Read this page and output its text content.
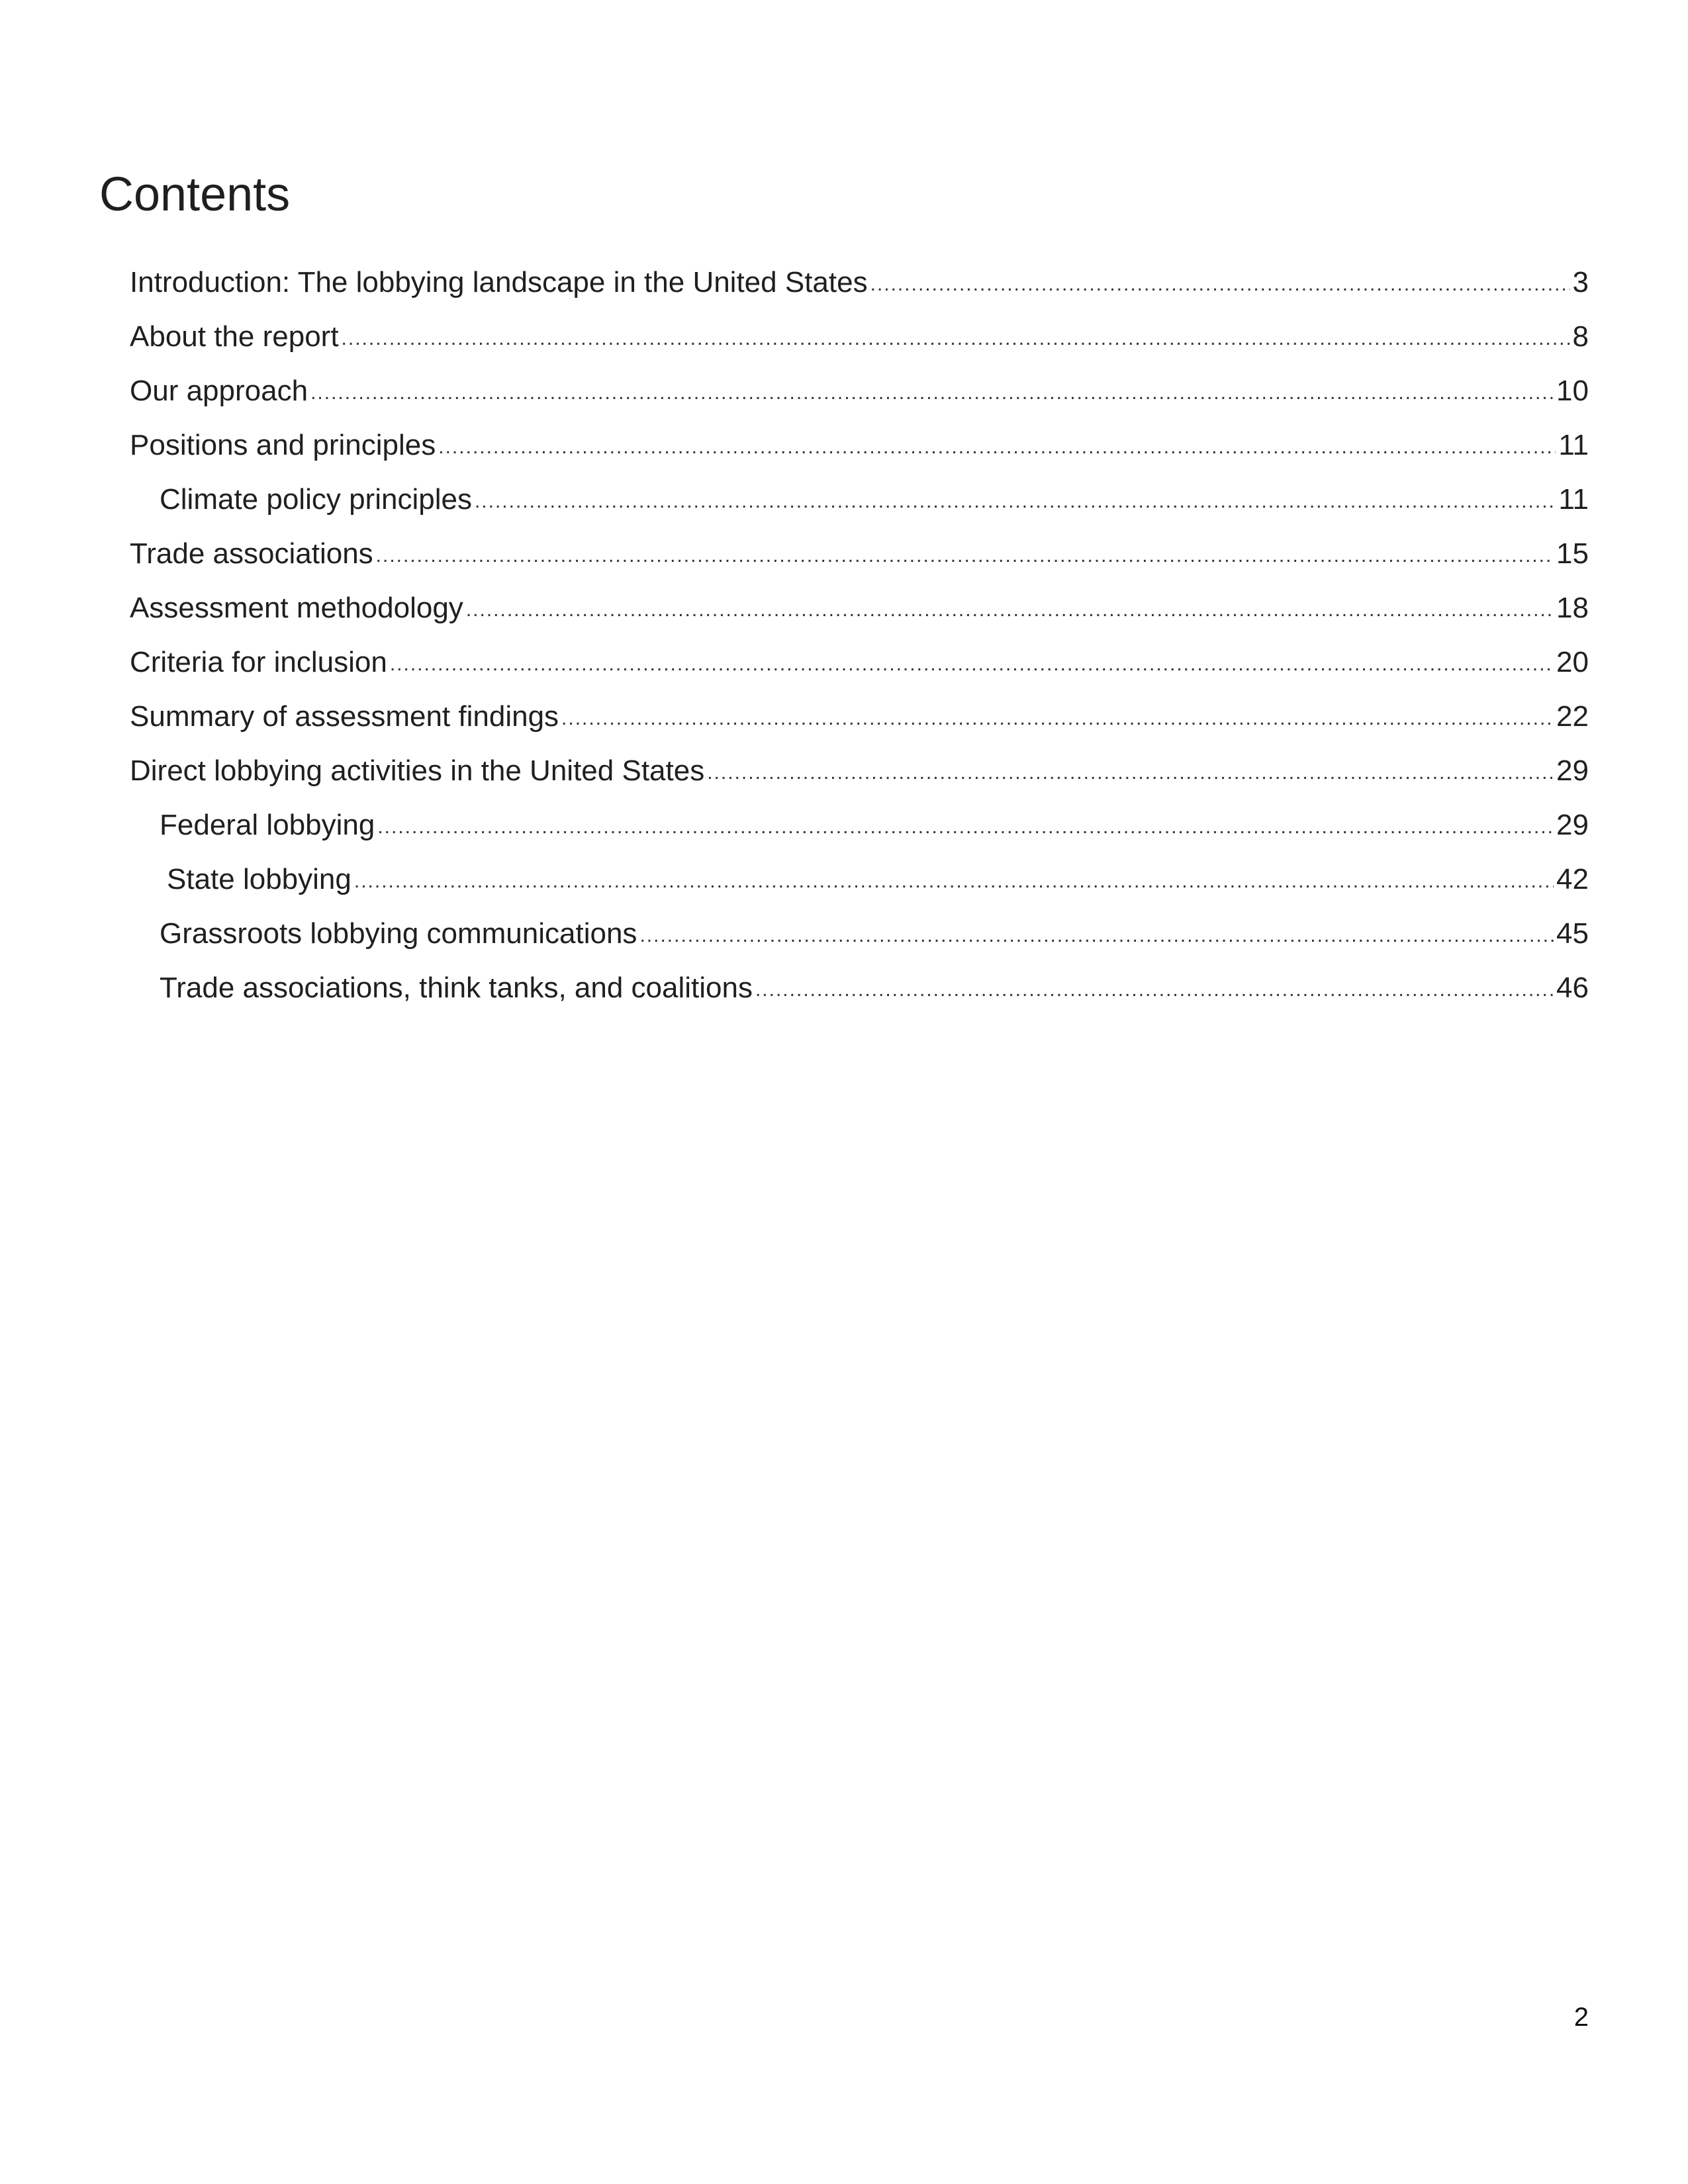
Contents
Introduction: The lobbying landscape in the United States .....	3
About the report .....	8
Our approach .....	10
Positions and principles .....	11
Climate policy principles .....	11
Trade associations .....	15
Assessment methodology .....	18
Criteria for inclusion .....	20
Summary of assessment findings .....	22
Direct lobbying activities in the United States .....	29
Federal lobbying .....	29
State lobbying .....	42
Grassroots lobbying communications .....	45
Trade associations, think tanks, and coalitions .....	46
2
